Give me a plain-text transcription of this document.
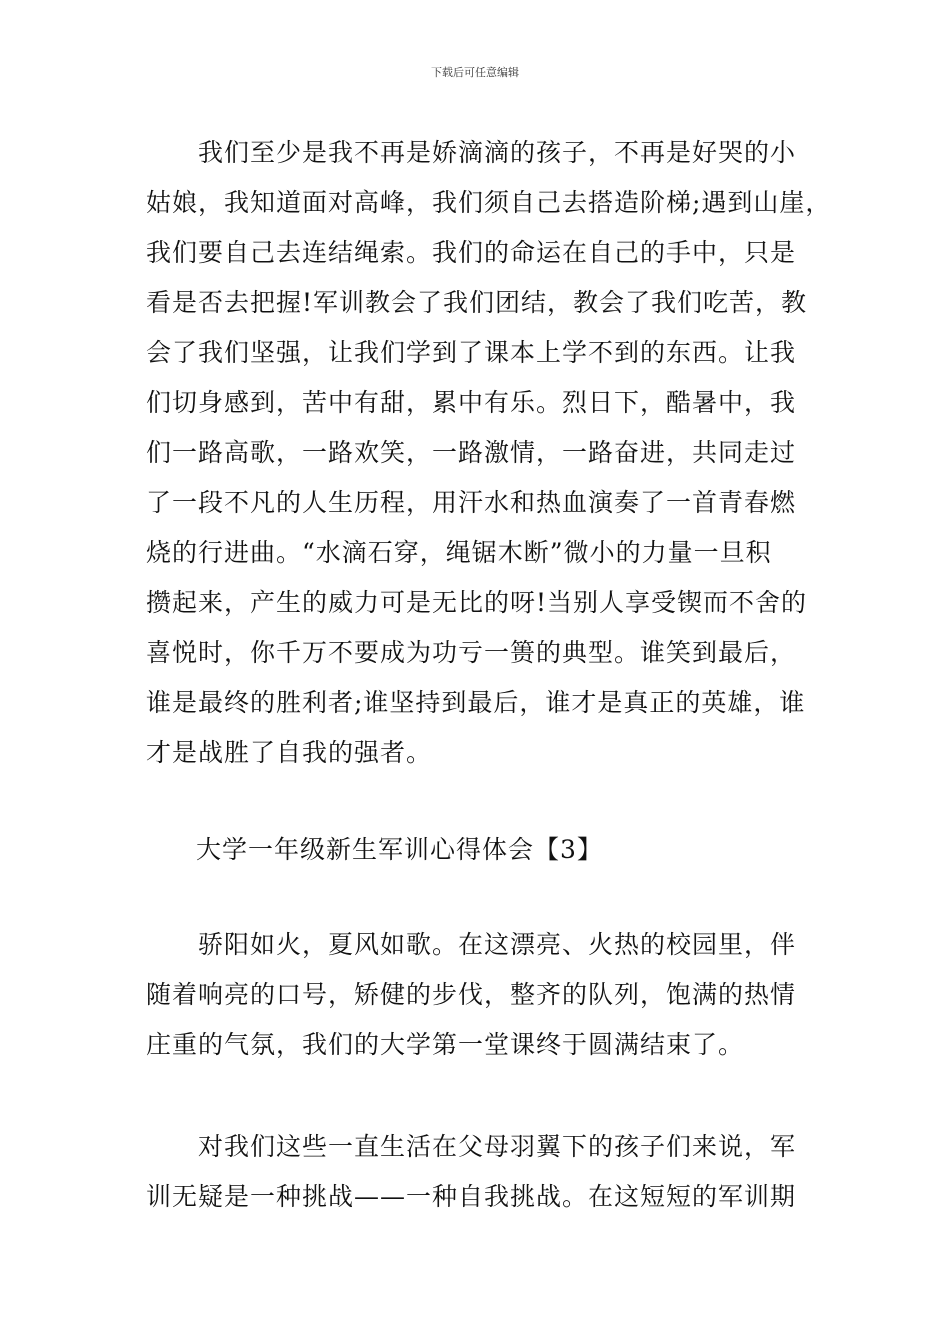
下载后可任意编辑
　　我们至少是我不再是娇滴滴的孩子，不再是好哭的小
姑娘，我知道面对高峰，我们须自己去搭造阶梯;遇到山崖，
我们要自己去连结绳索。我们的命运在自己的手中，只是
看是否去把握!军训教会了我们团结，教会了我们吃苦，教
会了我们坚强，让我们学到了课本上学不到的东西。让我
们切身感到，苦中有甜，累中有乐。烈日下，酷暑中，我
们一路高歌，一路欢笑，一路激情，一路奋进，共同走过
了一段不凡的人生历程，用汗水和热血演奏了一首青春燃
烧的行进曲。“水滴石穿，绳锯木断”微小的力量一旦积
攒起来，产生的威力可是无比的呀!当别人享受锲而不舍的
喜悦时，你千万不要成为功亏一篑的典型。谁笑到最后，
谁是最终的胜利者;谁坚持到最后，谁才是真正的英雄，谁
才是战胜了自我的强者。
大学一年级新生军训心得体会【3】
　　骄阳如火，夏风如歌。在这漂亮、火热的校园里，伴
随着响亮的口号，矫健的步伐，整齐的队列，饱满的热情
庄重的气氛，我们的大学第一堂课终于圆满结束了。
　　对我们这些一直生活在父母羽翼下的孩子们来说，军
训无疑是一种挑战——一种自我挑战。在这短短的军训期
